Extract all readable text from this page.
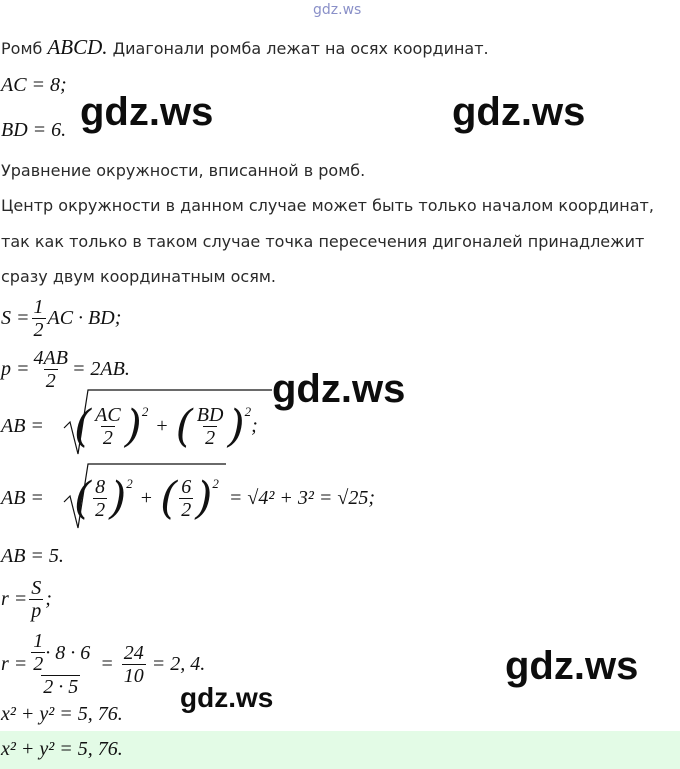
gdz.ws
Ромб ABCD. Диагонали ромба лежат на осях координат.
AC = 8;
BD = 6.
Уравнение окружности, вписанной в ромб.
Центр окружности в данном случае может быть только началом координат,
так как только в таком случае точка пересечения дигоналей принадлежит
сразу двум координатным осям.
$S = \frac{1}{2}$ AC · BD;
$p = \frac{4AB}{2} = 2AB$.
AB = ( $\frac{AC}{2}$ ) 2
+ ( $\frac{BD}{2}$ ) 2
;
AB = ( $\frac{8}{2}$ ) 2
+ ( $\frac{6}{2}$ ) 2
= √4² + 3² = √25;
AB = 5.
$r = \frac{S}{p}$ ;
$r = \frac{\frac{1}{2} \cdot 8 \cdot 6}{2 \cdot 5} = \frac{24}{10} = 2$, 4.
x² + y² = 5, 76.
x² + y² = 5, 76.
gdz.ws	gdz.ws
gdz.ws
gdz.ws
gdz.ws
